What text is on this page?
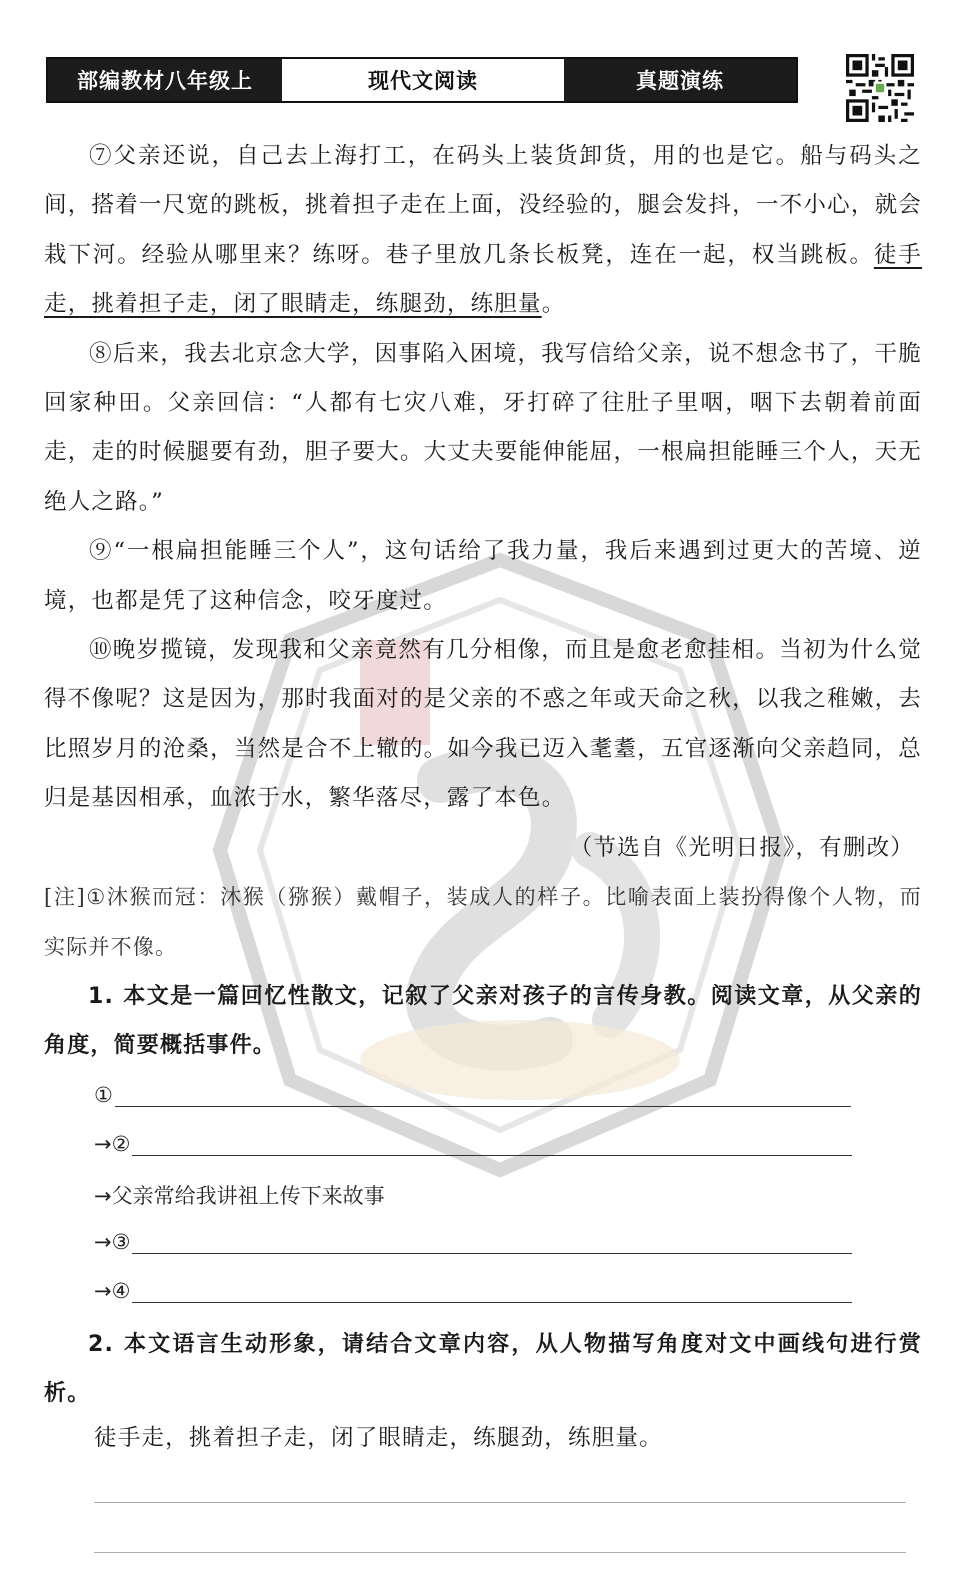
部编教材八年级上	现代文阅读	真题演练

⑦父亲还说，自己去上海打工，在码头上装货卸货，用的也是它。船与码头之间，搭着一尺宽的跳板，挑着担子走在上面，没经验的，腿会发抖，一不小心，就会栽下河。经验从哪里来？练呀。巷子里放几条长板凳，连在一起，权当跳板。徒手走，挑着担子走，闭了眼睛走，练腿劲，练胆量。

⑧后来，我去北京念大学，因事陷入困境，我写信给父亲，说不想念书了，干脆回家种田。父亲回信：“人都有七灾八难，牙打碎了往肚子里咽，咽下去朝着前面走，走的时候腿要有劲，胆子要大。大丈夫要能伸能屈，一根扁担能睡三个人，天无绝人之路。”

⑨“一根扁担能睡三个人”，这句话给了我力量，我后来遇到过更大的苦境、逆境，也都是凭了这种信念，咬牙度过。

⑩晚岁揽镜，发现我和父亲竟然有几分相像，而且是愈老愈挂相。当初为什么觉得不像呢？这是因为，那时我面对的是父亲的不惑之年或天命之秋，以我之稚嫩，去比照岁月的沧桑，当然是合不上辙的。如今我已迈入耄耋，五官逐渐向父亲趋同，总归是基因相承，血浓于水，繁华落尽，露了本色。

（节选自《光明日报》，有删改）

[注]①沐猴而冠：沐猴（猕猴）戴帽子，装成人的样子。比喻表面上装扮得像个人物，而实际并不像。

1. 本文是一篇回忆性散文，记叙了父亲对孩子的言传身教。阅读文章，从父亲的角度，简要概括事件。

①
→②
→父亲常给我讲祖上传下来故事
→③
→④

2. 本文语言生动形象，请结合文章内容，从人物描写角度对文中画线句进行赏析。

徒手走，挑着担子走，闭了眼睛走，练腿劲，练胆量。
